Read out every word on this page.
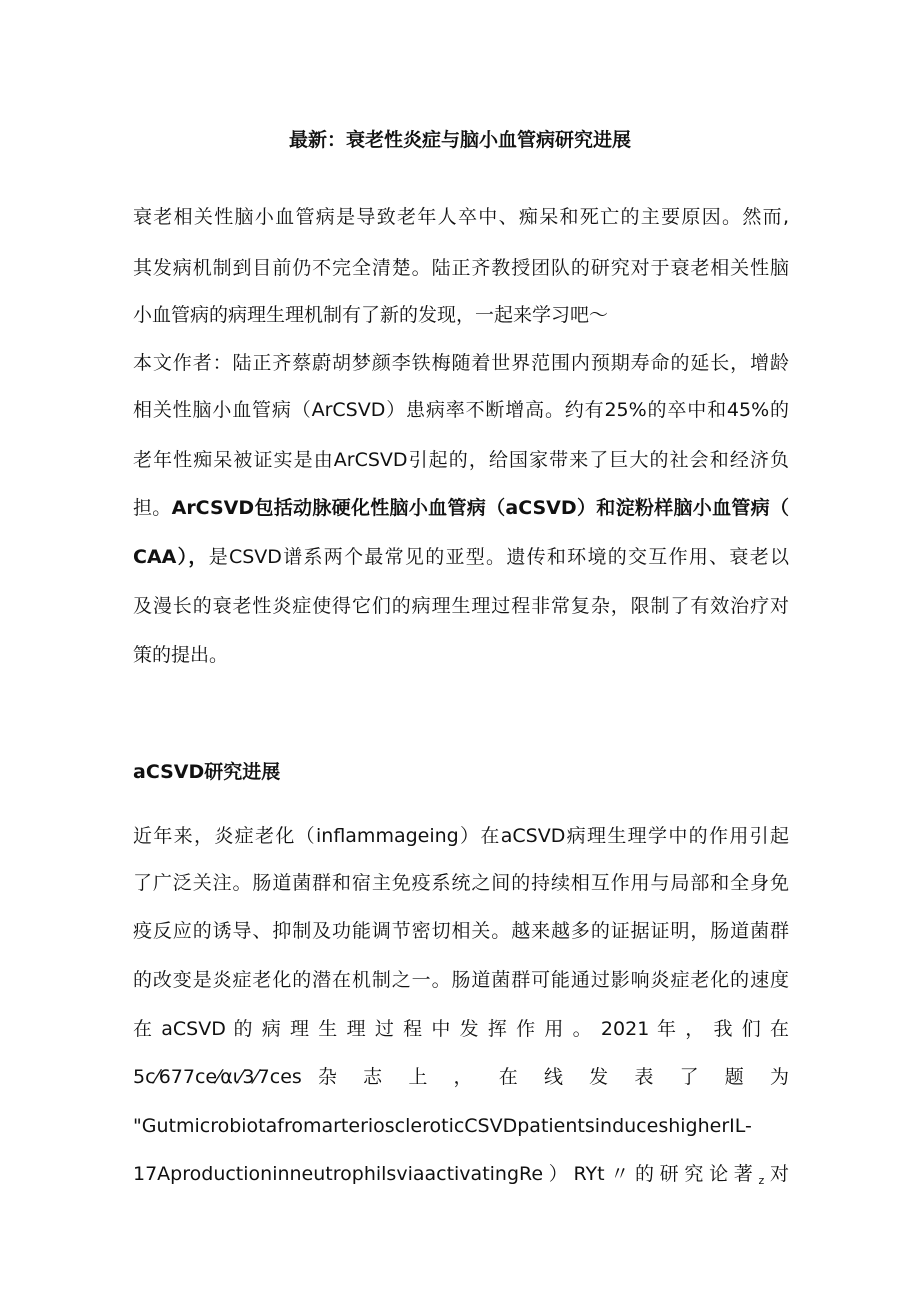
最新：衰老性炎症与脑小血管病研究进展
衰老相关性脑小血管病是导致老年人卒中、痴呆和死亡的主要原因。然而,
其发病机制到目前仍不完全清楚。陆正齐教授团队的研究对于衰老相关性脑
小血管病的病理生理机制有了新的发现，一起来学习吧～
本文作者：陆正齐蔡蔚胡梦颜李铁梅随着世界范围内预期寿命的延长，增龄
相关性脑小血管病（ArCSVD）患病率不断增高。约有25%的卒中和45%的
老年性痴呆被证实是由ArCSVD引起的，给国家带来了巨大的社会和经济负
担。ArCSVD包括动脉硬化性脑小血管病（aCSVD）和淀粉样脑小血管病（
CAA），是CSVD谱系两个最常见的亚型。遗传和环境的交互作用、衰老以
及漫长的衰老性炎症使得它们的病理生理过程非常复杂，限制了有效治疗对
策的提出。
aCSVD研究进展
近年来，炎症老化（inflammageing）在aCSVD病理生理学中的作用引起
了广泛关注。肠道菌群和宿主免疫系统之间的持续相互作用与局部和全身免
疫反应的诱导、抑制及功能调节密切相关。越来越多的证据证明，肠道菌群
的改变是炎症老化的潜在机制之一。肠道菌群可能通过影响炎症老化的速度
在 aCSVD 的 病 理 生 理 过 程 中 发 挥 作 用 。 2021 年 ， 我 们 在
5c⁄677ce⁄αι⁄3⁄7ces 杂 志 上 ， 在 线 发 表 了 题 为
"GutmicrobiotafromarterioscleroticCSVDpatientsinduceshigherIL-
17AproductioninneutrophilsviaactivatingRe）RYt〃的研究论著$_z$对
